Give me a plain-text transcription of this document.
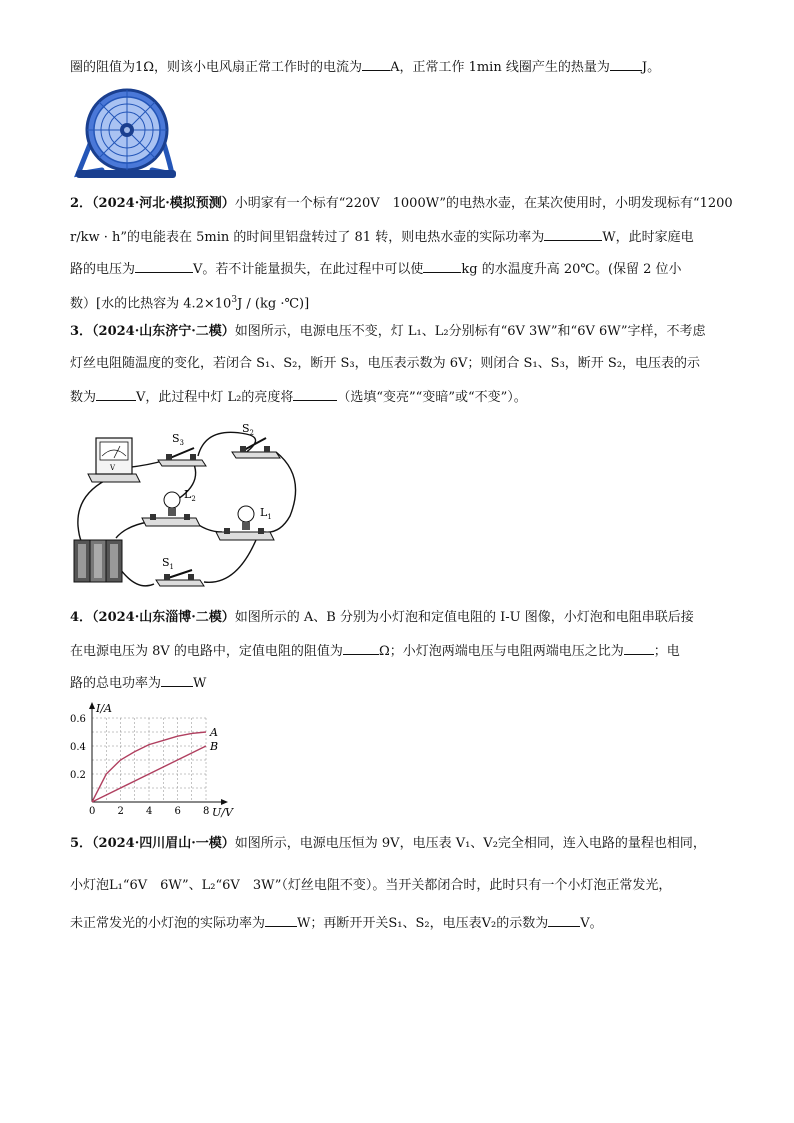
圈的阻值为1Ω，则该小电风扇正常工作时的电流为 A，正常工作 1min 线圈产生的热量为 J。
2．（2024·河北·模拟预测）小明家有一个标有“220V　1000W”的电热水壶，在某次使用时，小明发现标有“1200
r/kw · h”的电能表在 5min 的时间里铝盘转过了 81 转，则电热水壶的实际功率为	W，此时家庭电
路的电压为	V。若不计能量损失，在此过程中可以使	kg 的水温度升高 20℃。(保留 2 位小
数）[水的比热容为 $4.2\times 10^3J / (kg$ ·℃)]
3．（2024·山东济宁·二模）如图所示，电源电压不变，灯 L₁、L₂分别标有“6V 3W”和“6V 6W”字样，不考虑
灯丝电阻随温度的变化，若闭合 S₁、S₂，断开 S₃，电压表示数为 6V；则闭合 S₁、S₃，断开 S₂，电压表的示
数为	V，此过程中灯 L₂的亮度将	（选填“变亮”“变暗”或“不变”）。
V
$S_3$
$S_2$
$L_2$
$L_1$
$S_1$
4．（2024·山东淄博·二模）如图所示的 A、B 分别为小灯泡和定值电阻的 I-U 图像，小灯泡和电阻串联后接
在电源电压为 8V 的电路中，定值电阻的阻值为	Ω；小灯泡两端电压与电阻两端电压之比为 ；电
路的总电功率为 W
0 2 4 6 8
0.2
0.4
0.6
U/V
I/A
A
B
5．（2024·四川眉山·一模）如图所示，电源电压恒为 9V，电压表 V₁、V₂完全相同，连入电路的量程也相同，
小灯泡L₁“6V　6W”、L₂“6V　3W”（灯丝电阻不变）。当开关都闭合时，此时只有一个小灯泡正常发光，
未正常发光的小灯泡的实际功率为 W；再断开开关S₁、S₂，电压表V₂的示数为 V。
